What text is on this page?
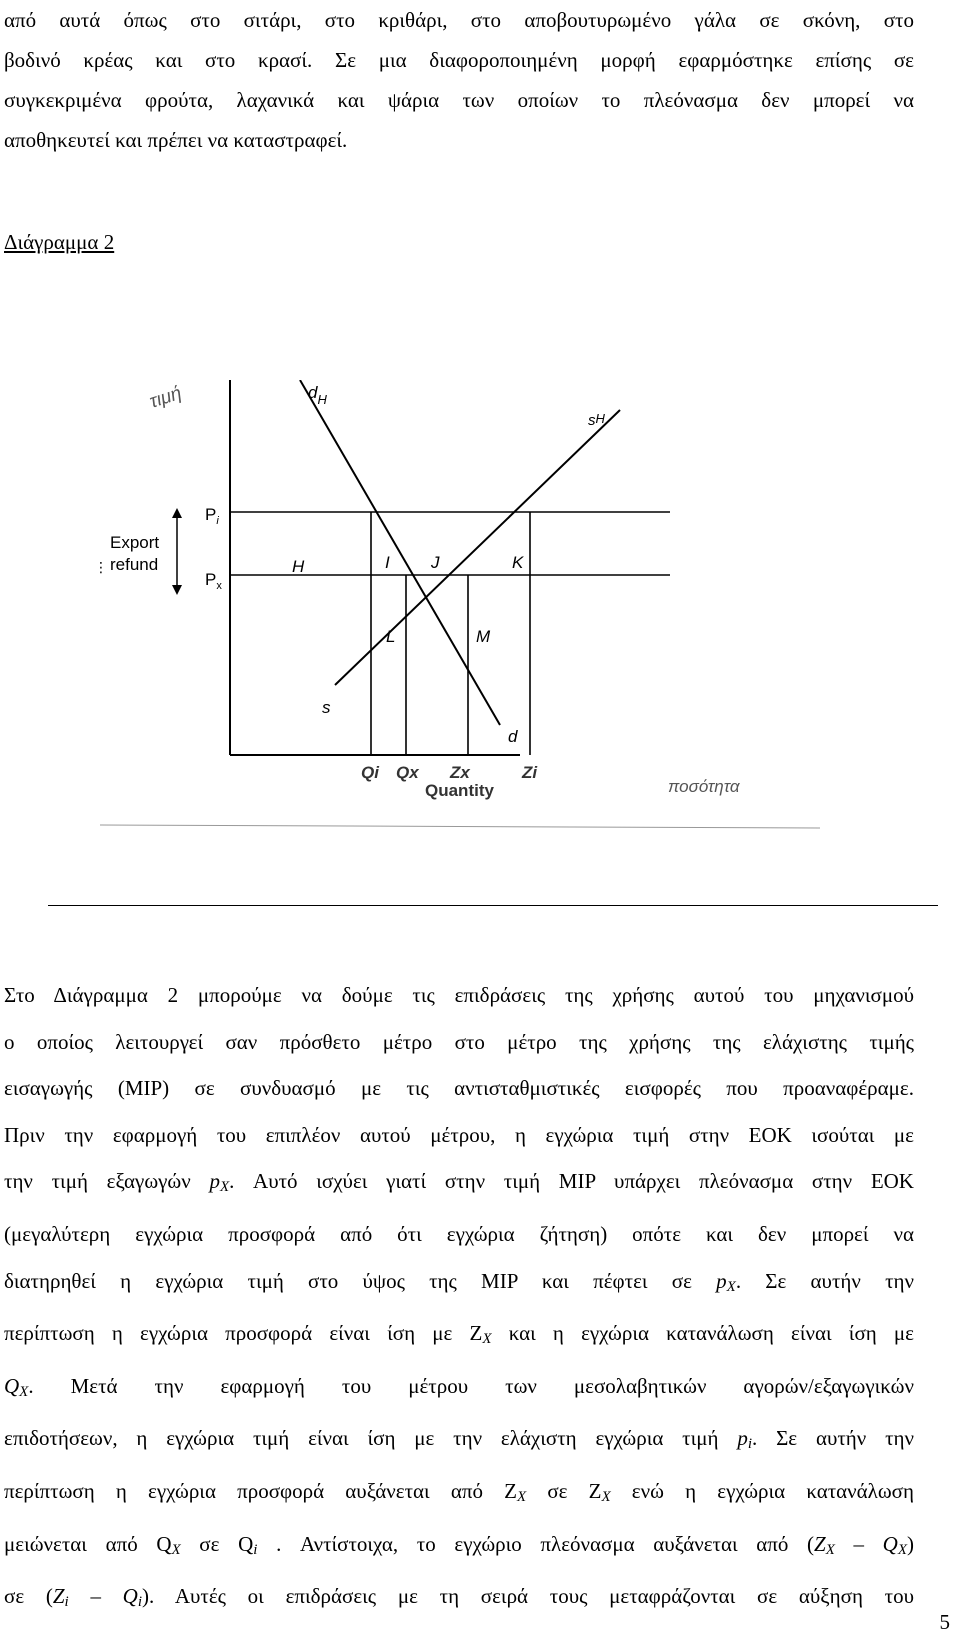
από αυτά όπως στο σιτάρι, στο κριθάρι, στο αποβουτυρωμένο γάλα σε σκόνη, στο
βοδινό κρέας και στο κρασί. Σε μια διαφοροποιημένη μορφή εφαρμόστηκε επίσης σε
συγκεκριμένα φρούτα, λαχανικά και ψάρια των οποίων το πλεόνασμα δεν μπορεί να
αποθηκευτεί και πρέπει να καταστραφεί.
Διάγραμμα 2
Export
refund
⋮
$P_i$
$P_x$
$d_H$
sH
d
s
H	I J	K
L	M
Qi Qx Zx	Zi
Quantity
τιμή
ποσότητα
Στο Διάγραμμα 2 μπορούμε να δούμε τις επιδράσεις της χρήσης αυτού του μηχανισμού
ο οποίος λειτουργεί σαν πρόσθετο μέτρο στο μέτρο της χρήσης της ελάχιστης τιμής
εισαγωγής (MIP) σε συνδυασμό με τις αντισταθμιστικές εισφορές που προαναφέραμε.
Πριν την εφαρμογή του επιπλέον αυτού μέτρου, η εγχώρια τιμή στην ΕΟΚ ισούται με
την τιμή εξαγωγών $p_X$. Αυτό ισχύει γιατί στην τιμή MIP υπάρχει πλεόνασμα στην ΕΟΚ
(μεγαλύτερη εγχώρια προσφορά από ότι εγχώρια ζήτηση) οπότε και δεν μπορεί να
διατηρηθεί η εγχώρια τιμή στο ύψος της MIP και πέφτει σε $p_X$. Σε αυτήν την
περίπτωση η εγχώρια προσφορά είναι ίση με $Z_X$ και η εγχώρια κατανάλωση είναι ίση με
$Q_X$. Μετά την εφαρμογή του μέτρου των μεσολαβητικών αγορών/εξαγωγικών
επιδοτήσεων, η εγχώρια τιμή είναι ίση με την ελάχιστη εγχώρια τιμή $p_i$. Σε αυτήν την
περίπτωση η εγχώρια προσφορά αυξάνεται από $Z_X$ σε $Z_X$ ενώ η εγχώρια κατανάλωση
μειώνεται από $Q_X$ σε $Q_i$ . Αντίστοιχα, το εγχώριο πλεόνασμα αυξάνεται από $(Z_X - Q_X)$
σε $(Z_i - Q_i)$. Αυτές οι επιδράσεις με τη σειρά τους μεταφράζονται σε αύξηση του
5
